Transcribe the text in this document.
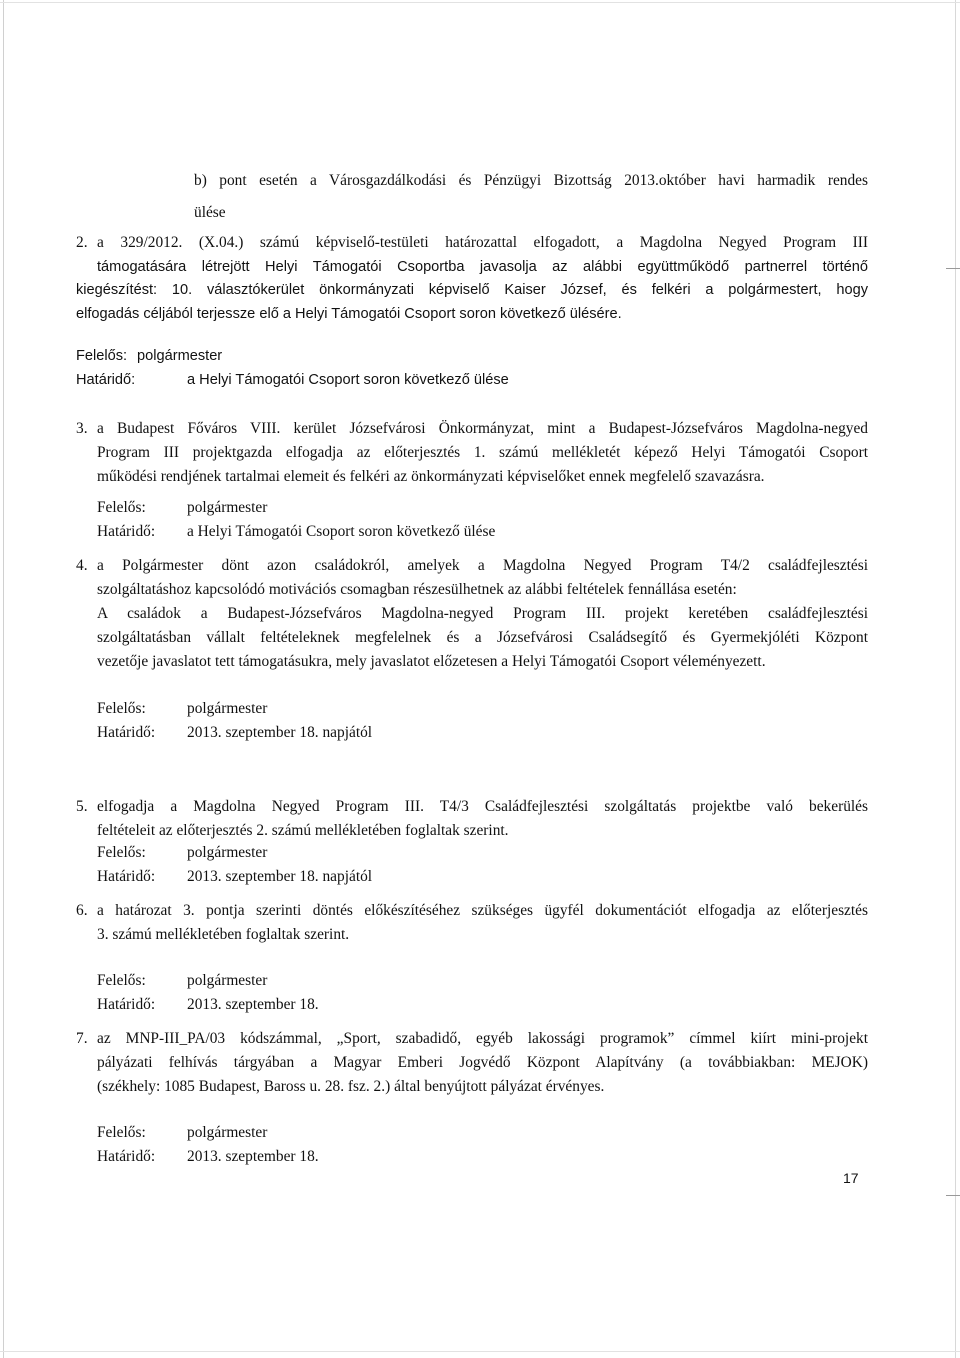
b) pont esetén a Városgazdálkodási és Pénzügyi Bizottság 2013.október havi harmadik rendes
ülése
2. a 329/2012. (X.04.) számú képviselő-testületi határozattal elfogadott, a Magdolna Negyed Program III
támogatására létrejött Helyi Támogatói Csoportba javasolja az alábbi együttműködő partnerrel történő
kiegészítést: 10. választókerület önkormányzati képviselő Kaiser József, és felkéri a polgármestert, hogy
elfogadás céljából terjessze elő a Helyi Támogatói Csoport soron következő ülésére.
Felelős: polgármester
Határidő:	a Helyi Támogatói Csoport soron következő ülése
3. a Budapest Főváros VIII. kerület Józsefvárosi Önkormányzat, mint a Budapest-Józsefváros Magdolna-negyed
Program III projektgazda elfogadja az előterjesztés 1. számú mellékletét képező Helyi Támogatói Csoport
működési rendjének tartalmai elemeit és felkéri az önkormányzati képviselőket ennek megfelelő szavazásra.
Felelős:	polgármester
Határidő: a Helyi Támogatói Csoport soron következő ülése
4. a Polgármester dönt azon családokról, amelyek a Magdolna Negyed Program T4/2 családfejlesztési
szolgáltatáshoz kapcsolódó motivációs csomagban részesülhetnek az alábbi feltételek fennállása esetén:
A családok a Budapest-Józsefváros Magdolna-negyed Program III. projekt keretében családfejlesztési
szolgáltatásban vállalt feltételeknek megfelelnek és a Józsefvárosi Családsegítő és Gyermekjóléti Központ
vezetője javaslatot tett támogatásukra, mely javaslatot előzetesen a Helyi Támogatói Csoport véleményezett.
Felelős:	polgármester
Határidő: 2013. szeptember 18. napjától
5. elfogadja a Magdolna Negyed Program III. T4/3 Családfejlesztési szolgáltatás projektbe való bekerülés
feltételeit az előterjesztés 2. számú mellékletében foglaltak szerint.
Felelős:	polgármester
Határidő: 2013. szeptember 18. napjától
6. a határozat 3. pontja szerinti döntés előkészítéséhez szükséges ügyfél dokumentációt elfogadja az előterjesztés
3. számú mellékletében foglaltak szerint.
Felelős:	polgármester
Határidő: 2013. szeptember 18.
7. az MNP-III_PA/03 kódszámmal, „Sport, szabadidő, egyéb lakossági programok” címmel kiírt mini-projekt
pályázati felhívás tárgyában a Magyar Emberi Jogvédő Központ Alapítvány (a továbbiakban: MEJOK)
(székhely: 1085 Budapest, Baross u. 28. fsz. 2.) által benyújtott pályázat érvényes.
Felelős:	polgármester
Határidő: 2013. szeptember 18.
17
